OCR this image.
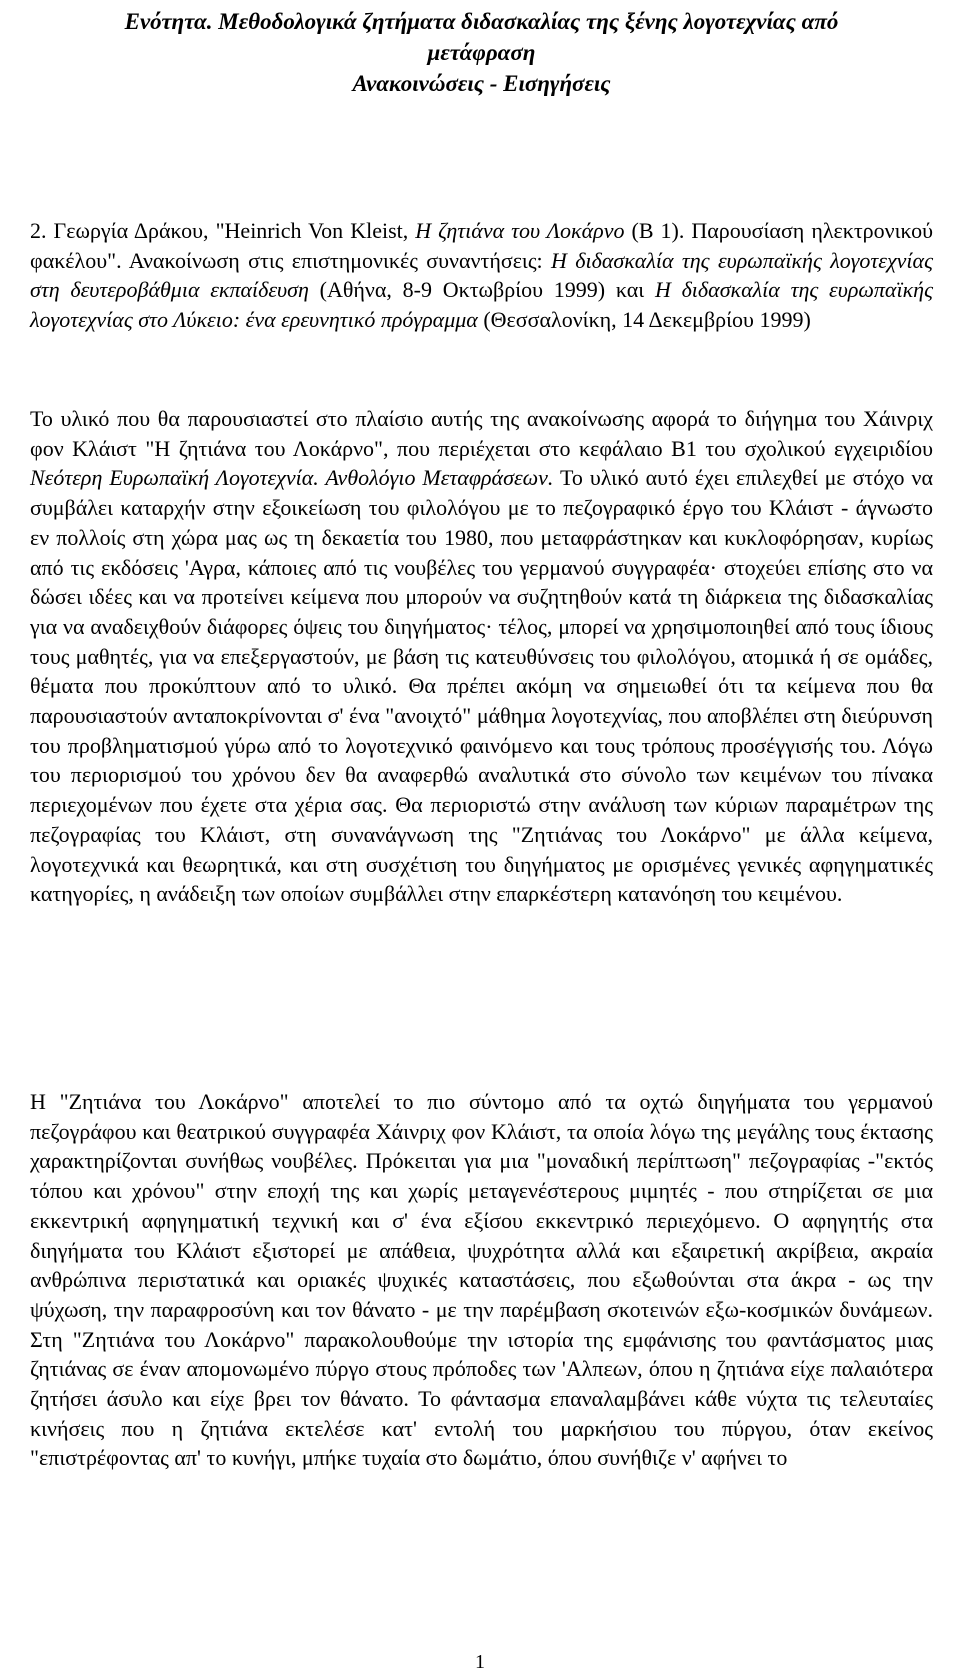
Ενότητα. Μεθοδολογικά ζητήματα διδασκαλίας της ξένης λογοτεχνίας από
μετάφραση
Ανακοινώσεις - Εισηγήσεις

2. Γεωργία Δράκου, "Heinrich Von Kleist, Η ζητιάνα του Λοκάρνο (Β 1). Παρουσίαση ηλεκτρονικού φακέλου". Ανακοίνωση στις επιστημονικές συναντήσεις: Η διδασκαλία της ευρωπαϊκής λογοτεχνίας στη δευτεροβάθμια εκπαίδευση (Αθήνα, 8-9 Οκτωβρίου 1999) και Η διδασκαλία της ευρωπαϊκής λογοτεχνίας στο Λύκειο: ένα ερευνητικό πρόγραμμα (Θεσσαλονίκη, 14 Δεκεμβρίου 1999)

Το υλικό που θα παρουσιαστεί στο πλαίσιο αυτής της ανακοίνωσης αφορά το διήγημα του Χάινριχ φον Κλάιστ "Η ζητιάνα του Λοκάρνο", που περιέχεται στο κεφάλαιο Β1 του σχολικού εγχειριδίου Νεότερη Ευρωπαϊκή Λογοτεχνία. Ανθολόγιο Μεταφράσεων. Το υλικό αυτό έχει επιλεχθεί με στόχο να συμβάλει καταρχήν στην εξοικείωση του φιλολόγου με το πεζογραφικό έργο του Κλάιστ - άγνωστο εν πολλοίς στη χώρα μας ως τη δεκαετία του 1980, που μεταφράστηκαν και κυκλοφόρησαν, κυρίως από τις εκδόσεις 'Αγρα, κάποιες από τις νουβέλες του γερμανού συγγραφέα· στοχεύει επίσης στο να δώσει ιδέες και να προτείνει κείμενα που μπορούν να συζητηθούν κατά τη διάρκεια της διδασκαλίας για να αναδειχθούν διάφορες όψεις του διηγήματος· τέλος, μπορεί να χρησιμοποιηθεί από τους ίδιους τους μαθητές, για να επεξεργαστούν, με βάση τις κατευθύνσεις του φιλολόγου, ατομικά ή σε ομάδες, θέματα που προκύπτουν από το υλικό. Θα πρέπει ακόμη να σημειωθεί ότι τα κείμενα που θα παρουσιαστούν ανταποκρίνονται σ' ένα "ανοιχτό" μάθημα λογοτεχνίας, που αποβλέπει στη διεύρυνση του προβληματισμού γύρω από το λογοτεχνικό φαινόμενο και τους τρόπους προσέγγισής του. Λόγω του περιορισμού του χρόνου δεν θα αναφερθώ αναλυτικά στο σύνολο των κειμένων του πίνακα περιεχομένων που έχετε στα χέρια σας. Θα περιοριστώ στην ανάλυση των κύριων παραμέτρων της πεζογραφίας του Κλάιστ, στη συνανάγνωση της "Ζητιάνας του Λοκάρνο" με άλλα κείμενα, λογοτεχνικά και θεωρητικά, και στη συσχέτιση του διηγήματος με ορισμένες γενικές αφηγηματικές κατηγορίες, η ανάδειξη των οποίων συμβάλλει στην επαρκέστερη κατανόηση του κειμένου.

Η "Ζητιάνα του Λοκάρνο" αποτελεί το πιο σύντομο από τα οχτώ διηγήματα του γερμανού πεζογράφου και θεατρικού συγγραφέα Χάινριχ φον Κλάιστ, τα οποία λόγω της μεγάλης τους έκτασης χαρακτηρίζονται συνήθως νουβέλες. Πρόκειται για μια "μοναδική περίπτωση" πεζογραφίας -"εκτός τόπου και χρόνου" στην εποχή της και χωρίς μεταγενέστερους μιμητές - που στηρίζεται σε μια εκκεντρική αφηγηματική τεχνική και σ' ένα εξίσου εκκεντρικό περιεχόμενο. Ο αφηγητής στα διηγήματα του Κλάιστ εξιστορεί με απάθεια, ψυχρότητα αλλά και εξαιρετική ακρίβεια, ακραία ανθρώπινα περιστατικά και οριακές ψυχικές καταστάσεις, που εξωθούνται στα άκρα - ως την ψύχωση, την παραφροσύνη και τον θάνατο - με την παρέμβαση σκοτεινών εξω-κοσμικών δυνάμεων. Στη "Ζητιάνα του Λοκάρνο" παρακολουθούμε την ιστορία της εμφάνισης του φαντάσματος μιας ζητιάνας σε έναν απομονωμένο πύργο στους πρόποδες των 'Αλπεων, όπου η ζητιάνα είχε παλαιότερα ζητήσει άσυλο και είχε βρει τον θάνατο. Το φάντασμα επαναλαμβάνει κάθε νύχτα τις τελευταίες κινήσεις που η ζητιάνα εκτελέσε κατ' εντολή του μαρκήσιου του πύργου, όταν εκείνος "επιστρέφοντας απ' το κυνήγι, μπήκε τυχαία στο δωμάτιο, όπου συνήθιζε ν' αφήνει το

1
